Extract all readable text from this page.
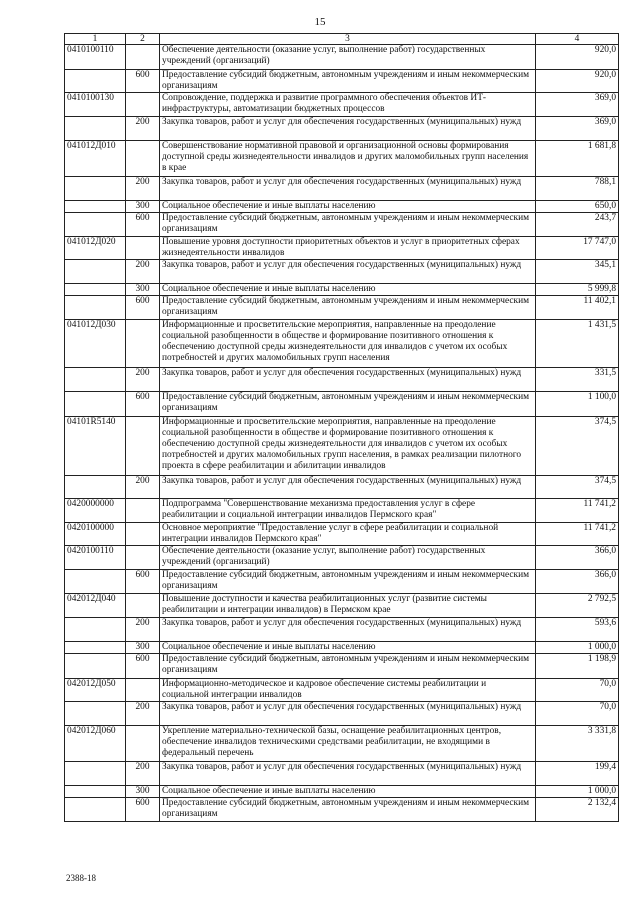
15
1	2	3	4
0410100110		Обеспечение деятельности (оказание услуг, выполнение работ) государственных учреждений (организаций)	920,0
	600	Предоставление субсидий бюджетным, автономным учреждениям и иным некоммерческим организациям	920,0
0410100130		Сопровождение, поддержка и развитие программного обеспечения объектов ИТ-инфраструктуры, автоматизации бюджетных процессов	369,0
	200	Закупка товаров, работ и услуг для обеспечения государственных (муниципальных) нужд	369,0
041012Д010		Совершенствование нормативной правовой и организационной основы формирования доступной среды жизнедеятельности инвалидов и других маломобильных групп населения в крае	1 681,8
	200	Закупка товаров, работ и услуг для обеспечения государственных (муниципальных) нужд	788,1
	300	Социальное обеспечение и иные выплаты населению	650,0
	600	Предоставление субсидий бюджетным, автономным учреждениям и иным некоммерческим организациям	243,7
041012Д020		Повышение уровня доступности приоритетных объектов и услуг в приоритетных сферах жизнедеятельности инвалидов	17 747,0
	200	Закупка товаров, работ и услуг для обеспечения государственных (муниципальных) нужд	345,1
	300	Социальное обеспечение и иные выплаты населению	5 999,8
	600	Предоставление субсидий бюджетным, автономным учреждениям и иным некоммерческим организациям	11 402,1
041012Д030		Информационные и просветительские мероприятия, направленные на преодоление социальной разобщенности в обществе и формирование позитивного отношения к обеспечению доступной среды жизнедеятельности для инвалидов с учетом их особых потребностей и других маломобильных групп населения	1 431,5
	200	Закупка товаров, работ и услуг для обеспечения государственных (муниципальных) нужд	331,5
	600	Предоставление субсидий бюджетным, автономным учреждениям и иным некоммерческим организациям	1 100,0
04101R5140		Информационные и просветительские мероприятия, направленные на преодоление социальной разобщенности в обществе и формирование позитивного отношения к обеспечению доступной среды жизнедеятельности для инвалидов с учетом их особых потребностей и других маломобильных групп населения, в рамках реализации пилотного проекта в сфере реабилитации и абилитации инвалидов	374,5
	200	Закупка товаров, работ и услуг для обеспечения государственных (муниципальных) нужд	374,5
0420000000		Подпрограмма "Совершенствование механизма предоставления услуг в сфере реабилитации и социальной интеграции инвалидов Пермского края"	11 741,2
0420100000		Основное мероприятие "Предоставление услуг в сфере реабилитации и социальной интеграции инвалидов Пермского края"	11 741,2
0420100110		Обеспечение деятельности (оказание услуг, выполнение работ) государственных учреждений (организаций)	366,0
	600	Предоставление субсидий бюджетным, автономным учреждениям и иным некоммерческим организациям	366,0
042012Д040		Повышение доступности и качества реабилитационных услуг (развитие системы реабилитации и интеграции инвалидов) в Пермском крае	2 792,5
	200	Закупка товаров, работ и услуг для обеспечения государственных (муниципальных) нужд	593,6
	300	Социальное обеспечение и иные выплаты населению	1 000,0
	600	Предоставление субсидий бюджетным, автономным учреждениям и иным некоммерческим организациям	1 198,9
042012Д050		Информационно-методическое и кадровое обеспечение системы реабилитации и социальной интеграции инвалидов	70,0
	200	Закупка товаров, работ и услуг для обеспечения государственных (муниципальных) нужд	70,0
042012Д060		Укрепление материально-технической базы, оснащение реабилитационных центров, обеспечение инвалидов техническими средствами реабилитации, не входящими в федеральный перечень	3 331,8
	200	Закупка товаров, работ и услуг для обеспечения государственных (муниципальных) нужд	199,4
	300	Социальное обеспечение и иные выплаты населению	1 000,0
	600	Предоставление субсидий бюджетным, автономным учреждениям и иным некоммерческим организациям	2 132,4
2388-18
